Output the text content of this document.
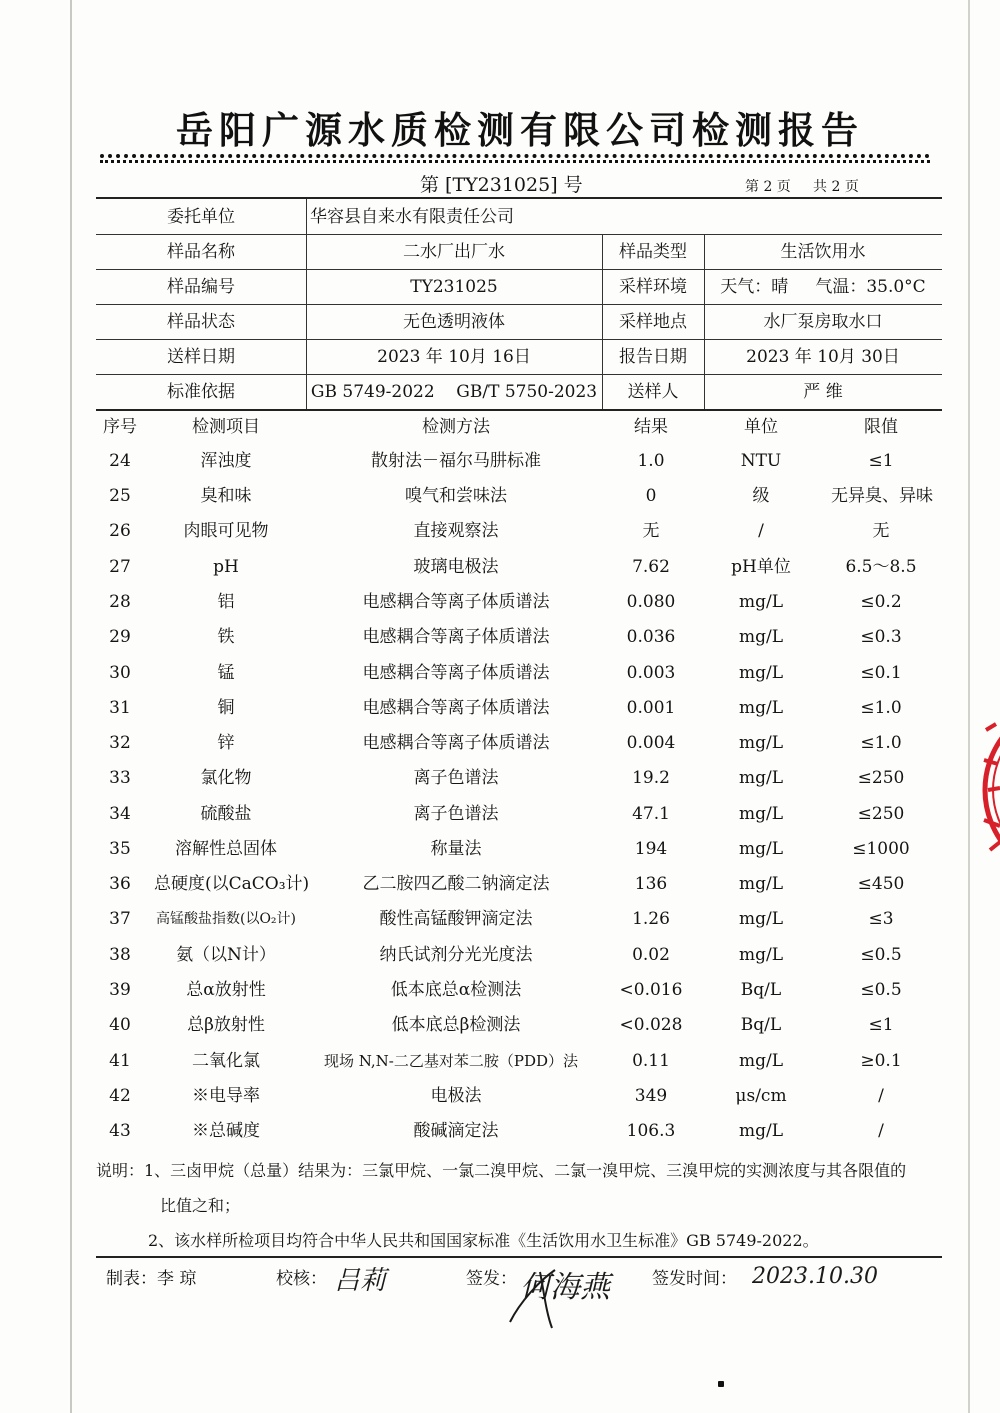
岳阳广源水质检测有限公司检测报告
第 [TY231025] 号	第 2 页     共 2 页
委托单位	华容县自来水有限责任公司
样品名称	二水厂出厂水	样品类型	生活饮用水
样品编号	TY231025	采样环境	天气：晴     气温：35.0°C
样品状态	无色透明液体	采样地点	水厂泵房取水口
送样日期	2023 年 10月 16日	报告日期	2023 年 10月 30日
标准依据	GB 5749-2022    GB/T 5750-2023	送样人	严 维
序号	检测项目	检测方法	结果	单位	限值
24	浑浊度	散射法－福尔马肼标准	1.0	NTU	≤1
25	臭和味	嗅气和尝味法	0	级	无异臭、异味
26	肉眼可见物	直接观察法	无	/	无
27	pH	玻璃电极法	7.62	pH单位	6.5～8.5
28	铝	电感耦合等离子体质谱法	0.080	mg/L	≤0.2
29	铁	电感耦合等离子体质谱法	0.036	mg/L	≤0.3
30	锰	电感耦合等离子体质谱法	0.003	mg/L	≤0.1
31	铜	电感耦合等离子体质谱法	0.001	mg/L	≤1.0
32	锌	电感耦合等离子体质谱法	0.004	mg/L	≤1.0
33	氯化物	离子色谱法	19.2	mg/L	≤250
34	硫酸盐	离子色谱法	47.1	mg/L	≤250
35	溶解性总固体	称量法	194	mg/L	≤1000
36	总硬度(以CaCO₃计)	乙二胺四乙酸二钠滴定法	136	mg/L	≤450
37	高锰酸盐指数(以O₂计)	酸性高锰酸钾滴定法	1.26	mg/L	≤3
38	氨（以N计）	纳氏试剂分光光度法	0.02	mg/L	≤0.5
39	总α放射性	低本底总α检测法	<0.016	Bq/L	≤0.5
40	总β放射性	低本底总β检测法	<0.028	Bq/L	≤1
41	二氧化氯	现场 N,N-二乙基对苯二胺（PDD）法	0.11	mg/L	≥0.1
42	※电导率	电极法	349	μs/cm	/
43	※总碱度	酸碱滴定法	106.3	mg/L	/
说明：1、三卤甲烷（总量）结果为：三氯甲烷、一氯二溴甲烷、二氯一溴甲烷、三溴甲烷的实测浓度与其各限值的
比值之和；
2、该水样所检项目均符合中华人民共和国国家标准《生活饮用水卫生标准》GB 5749-2022。
制表：李 琼	校核： 吕莉	签发： 何海燕 签发时间： 2023.10.30
